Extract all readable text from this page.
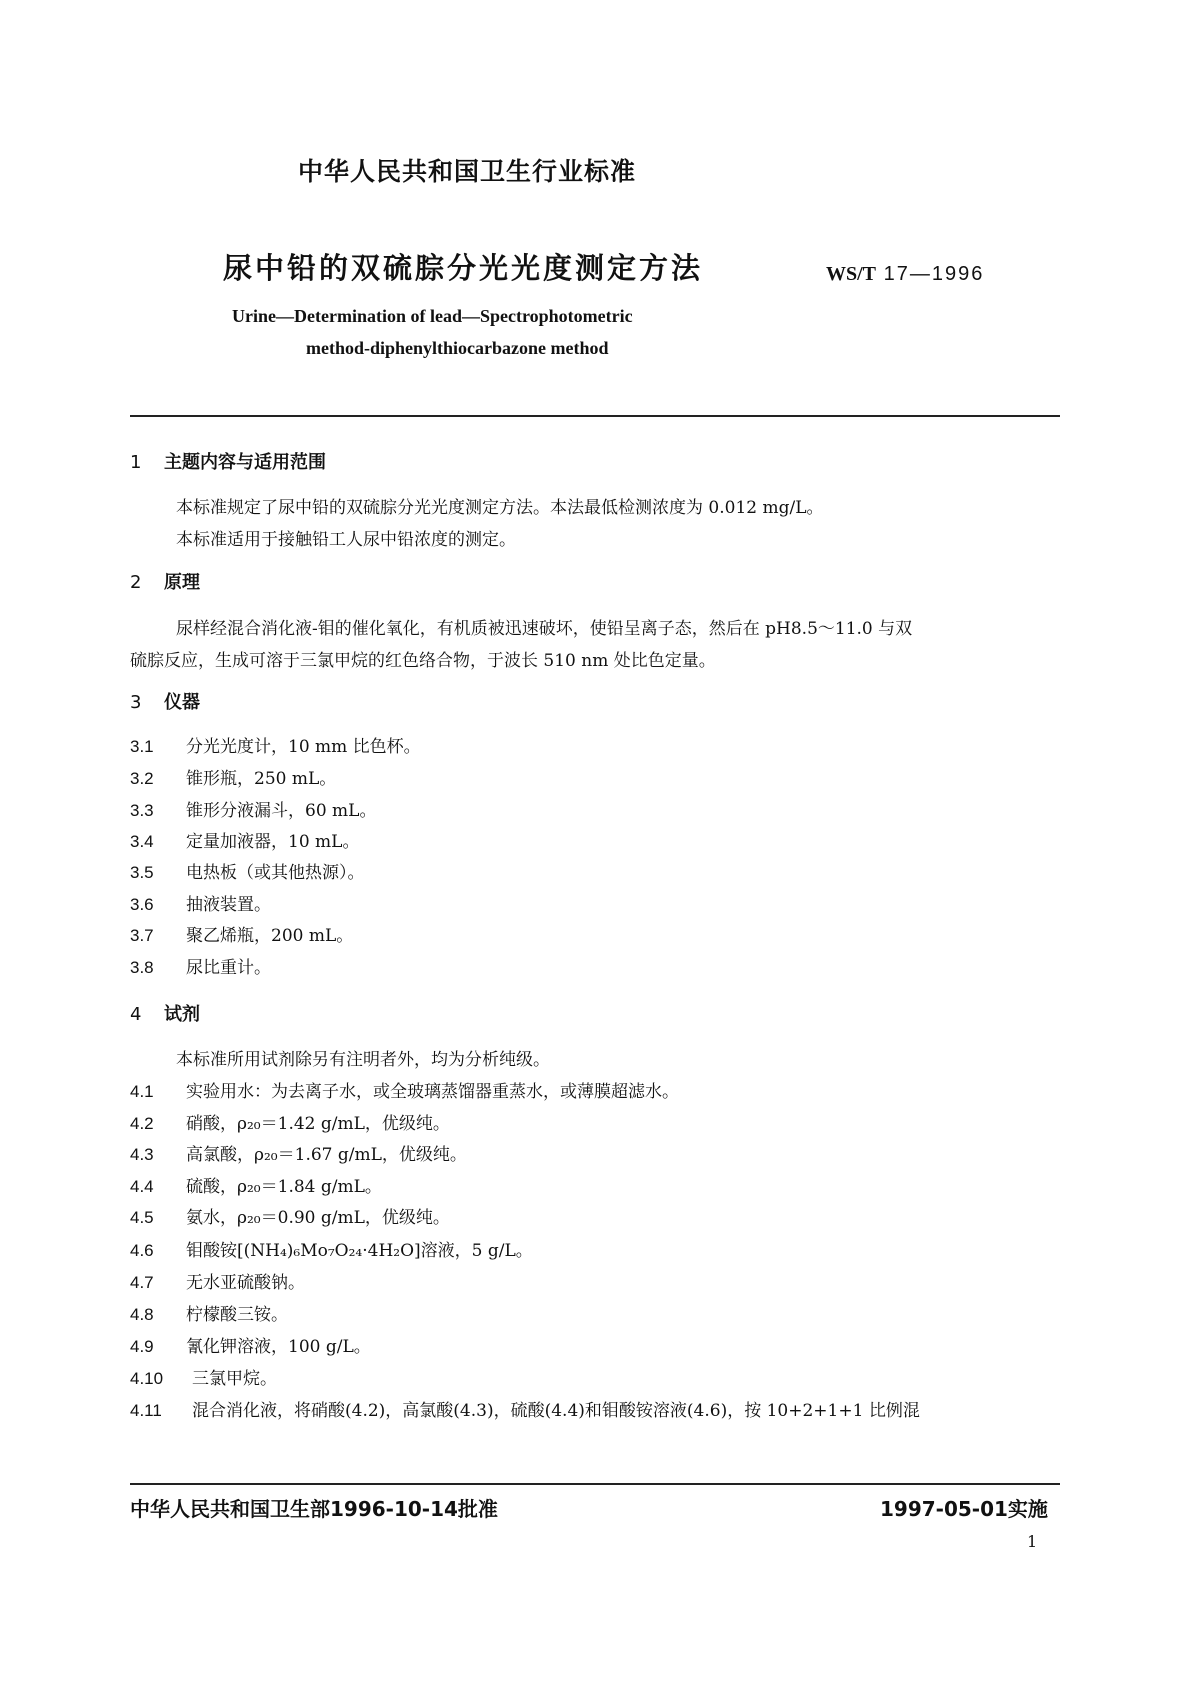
中华人民共和国卫生行业标准
尿中铅的双硫腙分光光度测定方法	WS/T 17—1996
Urine—Determination of lead—Spectrophotometric
method-diphenylthiocarbazone method
1 主题内容与适用范围
本标准规定了尿中铅的双硫腙分光光度测定方法。本法最低检测浓度为 0.012 mg/L。
本标准适用于接触铅工人尿中铅浓度的测定。
2 原理
尿样经混合消化液-钼的催化氧化，有机质被迅速破坏，使铅呈离子态，然后在 pH8.5～11.0 与双
硫腙反应，生成可溶于三氯甲烷的红色络合物，于波长 510 nm 处比色定量。
3 仪器
3.1 分光光度计，10 mm 比色杯。
3.2 锥形瓶，250 mL。
3.3 锥形分液漏斗，60 mL。
3.4 定量加液器，10 mL。
3.5 电热板（或其他热源）。
3.6 抽液装置。
3.7 聚乙烯瓶，200 mL。
3.8 尿比重计。
4 试剂
本标准所用试剂除另有注明者外，均为分析纯级。
4.1 实验用水：为去离子水，或全玻璃蒸馏器重蒸水，或薄膜超滤水。
4.2 硝酸，ρ₂₀＝1.42 g/mL，优级纯。
4.3 高氯酸，ρ₂₀＝1.67 g/mL，优级纯。
4.4 硫酸，ρ₂₀＝1.84 g/mL。
4.5 氨水，ρ₂₀＝0.90 g/mL，优级纯。
4.6 钼酸铵[(NH₄)₆Mo₇O₂₄·4H₂O]溶液，5 g/L。
4.7 无水亚硫酸钠。
4.8 柠檬酸三铵。
4.9 氰化钾溶液，100 g/L。
4.10 三氯甲烷。
4.11 混合消化液，将硝酸(4.2)，高氯酸(4.3)，硫酸(4.4)和钼酸铵溶液(4.6)，按 10+2+1+1 比例混
中华人民共和国卫生部1996-10-14批准	1997-05-01实施
1
